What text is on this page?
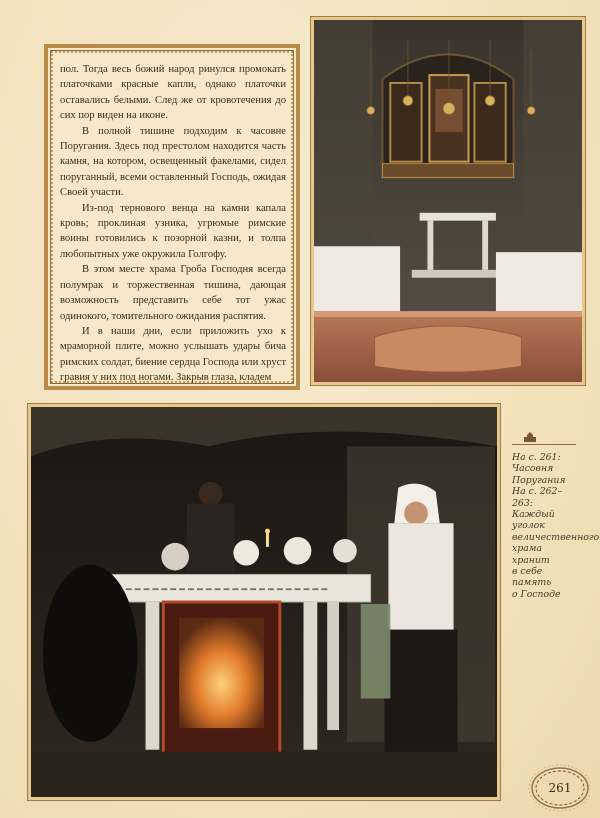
пол. Тогда весь божий народ ринулся промокать платочками красные капли, однако платочки оставались белыми. След же от кровотечения до сих пор виден на иконе.

В полной тишине подходим к часовне Поругания. Здесь под престолом находится часть камня, на котором, освещенный факелами, сидел поруганный, всеми оставленный Господь, ожидая Своей участи.

Из-под тернового венца на камни капала кровь; проклиная узника, угрюмые римские воины готовились к позорной казни, и толпа любопытных уже окружила Голгофу.

В этом месте храма Гроба Господня всегда полумрак и торжественная тишина, дающая возможность представить себе тот ужас одинокого, томительного ожидания распятия.

И в наши дни, если приложить ухо к мраморной плите, можно услышать удары бича римских солдат, биение сердца Господа или хруст гравия у них под ногами. Закрыв глаза, кладем

На с. 261:
Часовня
Поругания
На с. 262–263:
Каждый уголок
величественного
храма хранит
в себе память
о Господе
261
